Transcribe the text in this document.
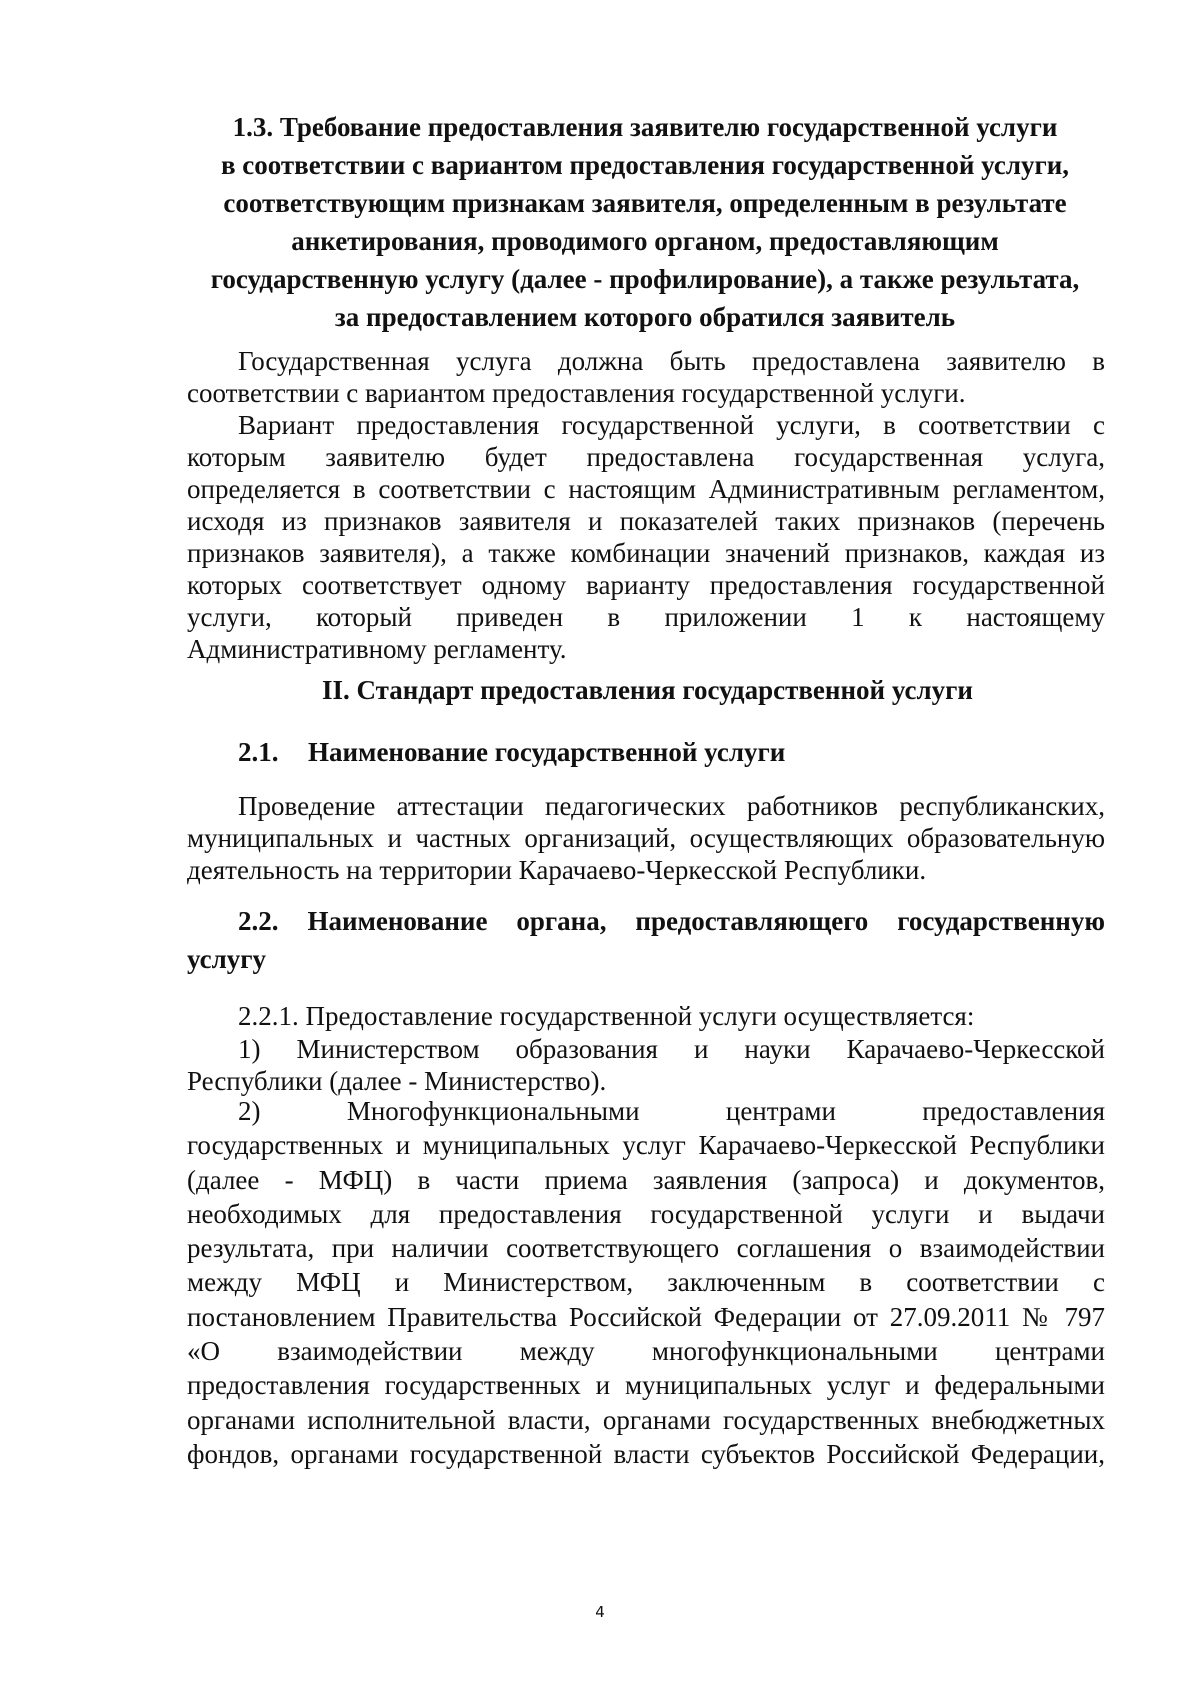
1.3. Требование предоставления заявителю государственной услуги
в соответствии с вариантом предоставления государственной услуги,
соответствующим признакам заявителя, определенным в результате
анкетирования, проводимого органом, предоставляющим
государственную услугу (далее - профилирование), а также результата,
за предоставлением которого обратился заявитель
Государственная услуга должна быть предоставлена заявителю в
соответствии с вариантом предоставления государственной услуги.
Вариант предоставления государственной услуги, в соответствии с
которым заявителю будет предоставлена государственная услуга,
определяется в соответствии с настоящим Административным регламентом,
исходя из признаков заявителя и показателей таких признаков (перечень
признаков заявителя), а также комбинации значений признаков, каждая из
которых соответствует одному варианту предоставления государственной
услуги, который приведен в приложении 1 к настоящему
Административному регламенту.
II. Стандарт предоставления государственной услуги
2.1. Наименование государственной услуги
Проведение аттестации педагогических работников республиканских,
муниципальных и частных организаций, осуществляющих образовательную
деятельность на территории Карачаево-Черкесской Республики.
2.2. Наименование органа, предоставляющего государственную
услугу
2.2.1. Предоставление государственной услуги осуществляется:
1) Министерством образования и науки Карачаево-Черкесской
Республики (далее - Министерство).
2) Многофункциональными центрами предоставления
государственных и муниципальных услуг Карачаево-Черкесской Республики
(далее - МФЦ) в части приема заявления (запроса) и документов,
необходимых для предоставления государственной услуги и выдачи
результата, при наличии соответствующего соглашения о взаимодействии
между МФЦ и Министерством, заключенным в соответствии с
постановлением Правительства Российской Федерации от 27.09.2011 № 797
«О взаимодействии между многофункциональными центрами
предоставления государственных и муниципальных услуг и федеральными
органами исполнительной власти, органами государственных внебюджетных
фондов, органами государственной власти субъектов Российской Федерации,
4
